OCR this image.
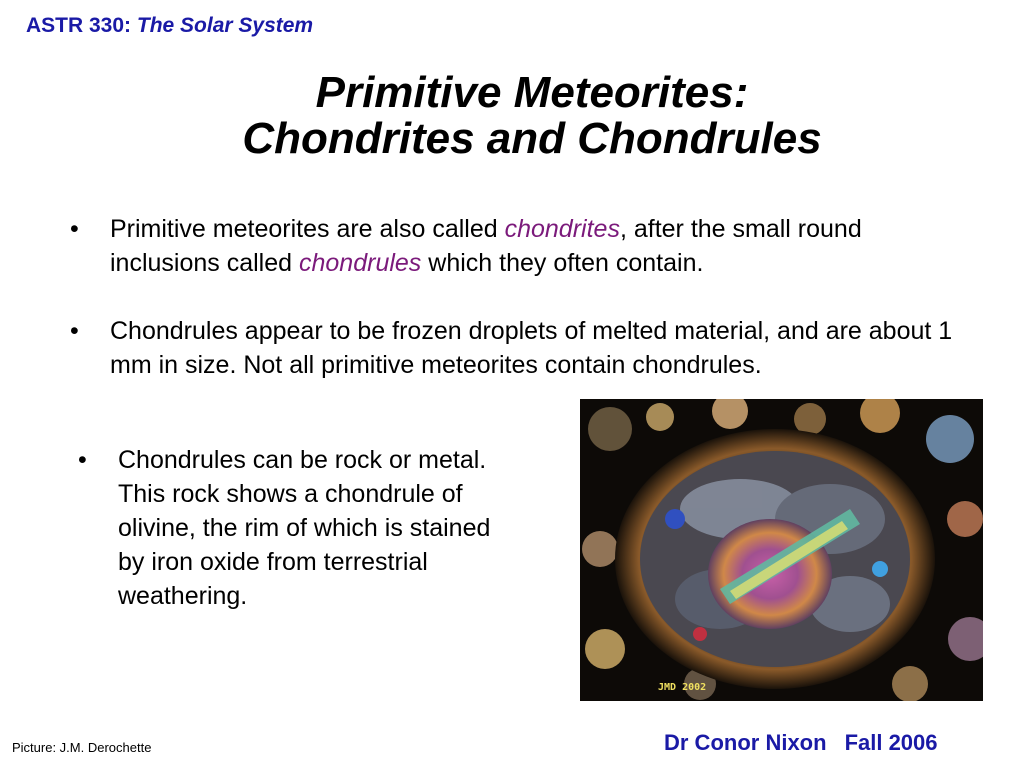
ASTR 330: The Solar System
Primitive Meteorites:
Chondrites and Chondrules
• Primitive meteorites are also called chondrites, after the small round inclusions called chondrules which they often contain.
• Chondrules appear to be frozen droplets of melted material, and are about 1 mm in size. Not all primitive meteorites contain chondrules.
• Chondrules can be rock or metal. This rock shows a chondrule of olivine, the rim of which is stained by iron oxide from terrestrial weathering.
JMD 2002
Picture: J.M. Derochette	Dr Conor Nixon Fall 2006
